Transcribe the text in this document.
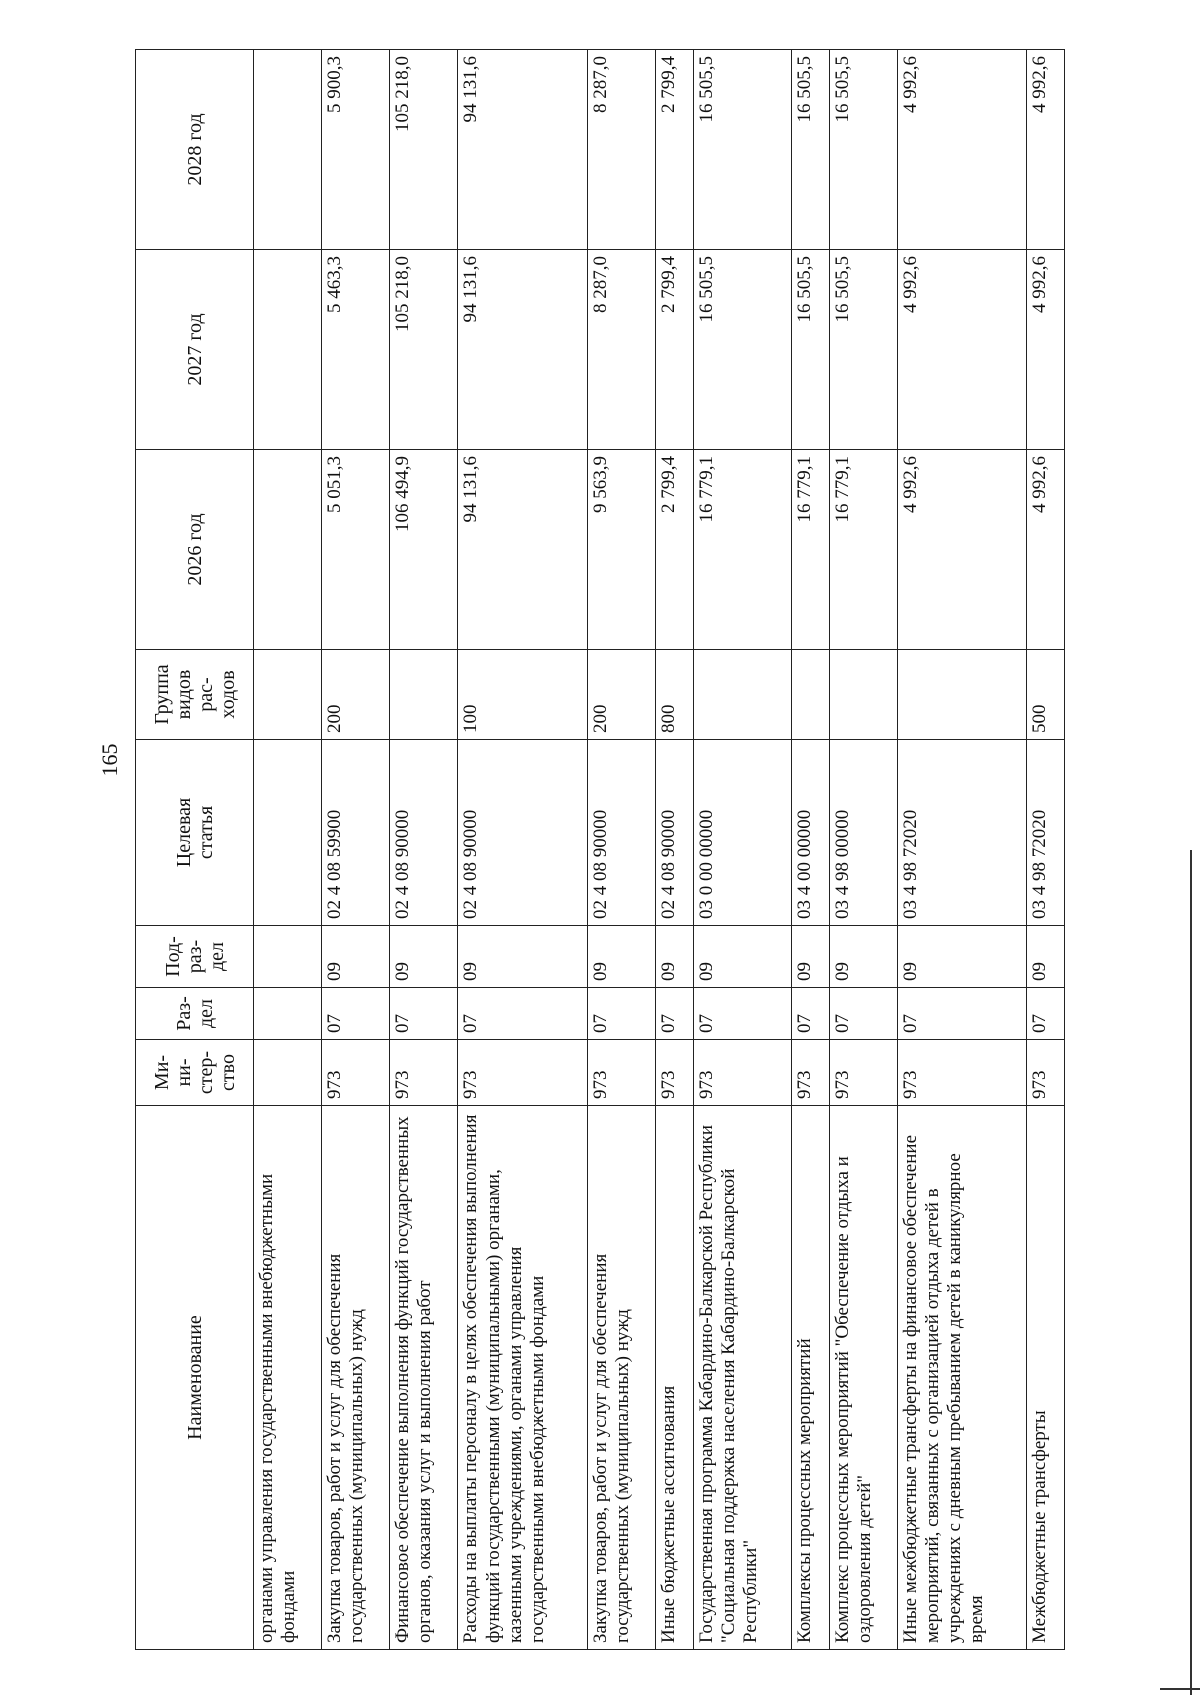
165
Наименование	Ми-
ни-
стер-
ство	Раз-
дел	Под-
раз-
дел	Целевая
статья	Группа
видов
рас-
ходов	2026 год	2027 год	2028 год
органами управления государственными внебюджетными фондами								
Закупка товаров, работ и услуг для обеспечения государственных (муниципальных) нужд	973	07	09	02 4 08 59900	200	5 051,3	5 463,3	5 900,3
Финансовое обеспечение выполнения функций государственных органов, оказания услуг и выполнения работ	973	07	09	02 4 08 90000		106 494,9	105 218,0	105 218,0
Расходы на выплаты персоналу в целях обеспечения выполнения функций государственными (муниципальными) органами, казенными учреждениями, органами управления государственными внебюджетными фондами	973	07	09	02 4 08 90000	100	94 131,6	94 131,6	94 131,6
Закупка товаров, работ и услуг для обеспечения государственных (муниципальных) нужд	973	07	09	02 4 08 90000	200	9 563,9	8 287,0	8 287,0
Иные бюджетные ассигнования	973	07	09	02 4 08 90000	800	2 799,4	2 799,4	2 799,4
Государственная программа Кабардино-Балкарской Республики "Социальная поддержка населения Кабардино-Балкарской Республики"	973	07	09	03 0 00 00000		16 779,1	16 505,5	16 505,5
Комплексы процессных мероприятий	973	07	09	03 4 00 00000		16 779,1	16 505,5	16 505,5
Комплекс процессных мероприятий "Обеспечение отдыха и оздоровления детей"	973	07	09	03 4 98 00000		16 779,1	16 505,5	16 505,5
Иные межбюджетные трансферты на финансовое обеспечение мероприятий, связанных с организацией отдыха детей в учреждениях с дневным пребыванием детей в каникулярное время	973	07	09	03 4 98 72020		4 992,6	4 992,6	4 992,6
Межбюджетные трансферты	973	07	09	03 4 98 72020	500	4 992,6	4 992,6	4 992,6
